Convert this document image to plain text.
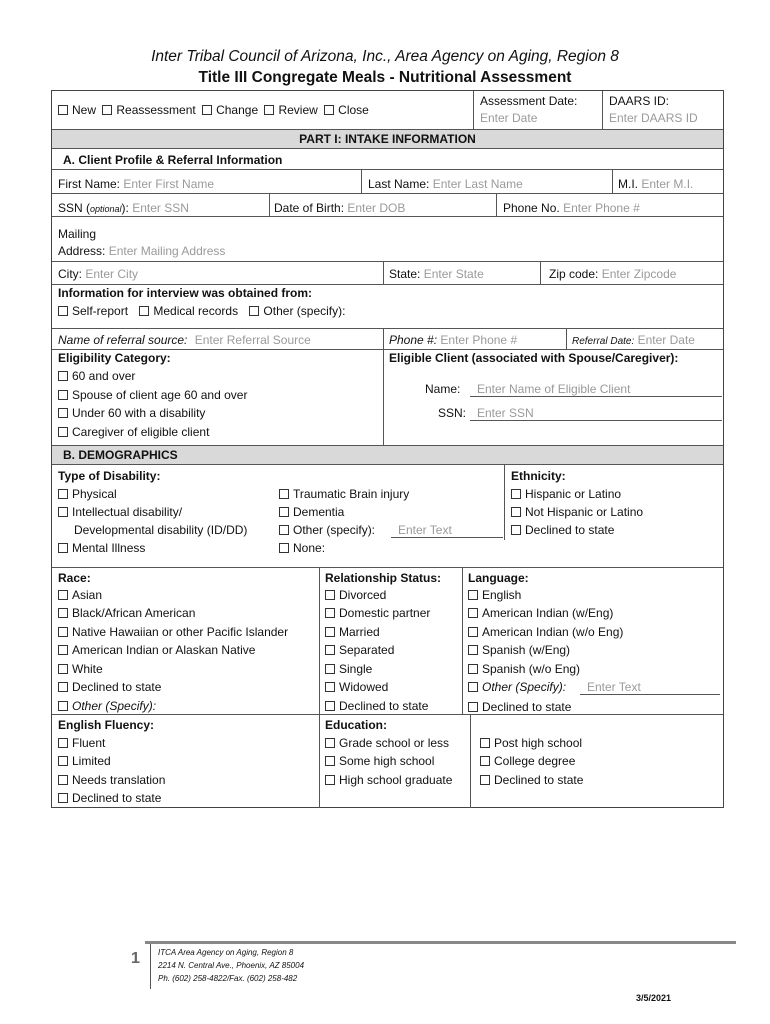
Inter Tribal Council of Arizona, Inc., Area Agency on Aging, Region 8
Title III Congregate Meals - Nutritional Assessment
New Reassessment Change Review Close
Assessment Date:
Enter Date
DAARS ID:
Enter DAARS ID
PART I: INTAKE INFORMATION
A. Client Profile & Referral Information
First Name: Enter First Name	Last Name: Enter Last Name	M.I. Enter M.I.
SSN (optional): Enter SSN	Date of Birth: Enter DOB	Phone No. Enter Phone #
Mailing
Address: Enter Mailing Address
City: Enter City	State: Enter State	Zip code: Enter Zipcode
Information for interview was obtained from:
Self-report Medical records Other (specify):
Name of referral source: Enter Referral Source	Phone #: Enter Phone #	Referral Date: Enter Date
Eligibility Category:
60 and over
Spouse of client age 60 and over
Under 60 with a disability
Caregiver of eligible client
Eligible Client (associated with Spouse/Caregiver):
Name: Enter Name of Eligible Client
SSN: Enter SSN
B. DEMOGRAPHICS
Type of Disability:
Physical
Intellectual disability/
Developmental disability (ID/DD)
Mental Illness
Traumatic Brain injury
Dementia
Other (specify): Enter Text
None:
Ethnicity:
Hispanic or Latino
Not Hispanic or Latino
Declined to state
Race:
Asian
Black/African American
Native Hawaiian or other Pacific Islander
American Indian or Alaskan Native
White
Declined to state
Other (Specify):
Relationship Status:
Divorced
Domestic partner
Married
Separated
Single
Widowed
Declined to state
Language:
English
American Indian (w/Eng)
American Indian (w/o Eng)
Spanish (w/Eng)
Spanish (w/o Eng)
Other (Specify): Enter Text
Declined to state
English Fluency:
Fluent
Limited
Needs translation
Declined to state
Education:
Grade school or less
Some high school
High school graduate
Post high school
College degree
Declined to state
1 ITCA Area Agency on Aging, Region 8
2214 N. Central Ave., Phoenix, AZ 85004
Ph. (602) 258-4822/Fax. (602) 258-482
3/5/2021
